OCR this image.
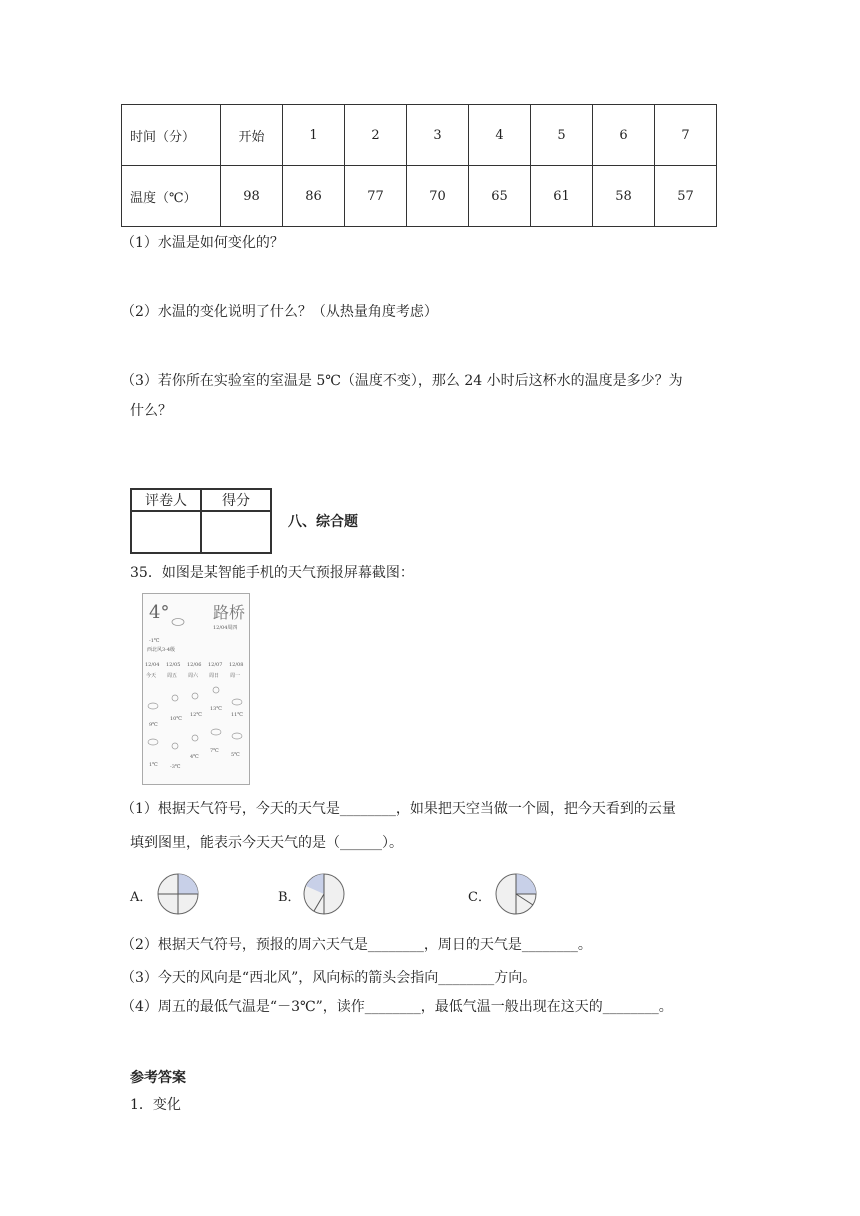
时间（分）	开始	1	2	3	4	5	6	7
温度（℃）	98	86	77	70	65	61	58	57
（1）水温是如何变化的？
（2）水温的变化说明了什么？（从热量角度考虑）
（3）若你所在实验室的室温是 5℃（温度不变），那么 24 小时后这杯水的温度是多少？为
什么？
评卷人	得分

八、综合题
35．如图是某智能手机的天气预报屏幕截图：
4°	路桥
12/04周四
-1℃
西北风3-4级
12/04 12/05 12/06 12/07 12/08
今天 周五 周六 周日 周一
9℃
10℃
12℃
13℃
11℃
1℃ -3℃
4℃
7℃
5℃
（1）根据天气符号，今天的天气是________，如果把天空当做一个圆，把今天看到的云量
填到图里，能表示今天天气的是（______）。
A．	B．	C．
（2）根据天气符号，预报的周六天气是________，周日的天气是________。
（3）今天的风向是“西北风”，风向标的箭头会指向________方向。
（4）周五的最低气温是“－3℃”，读作________，最低气温一般出现在这天的________。
参考答案
1．变化
